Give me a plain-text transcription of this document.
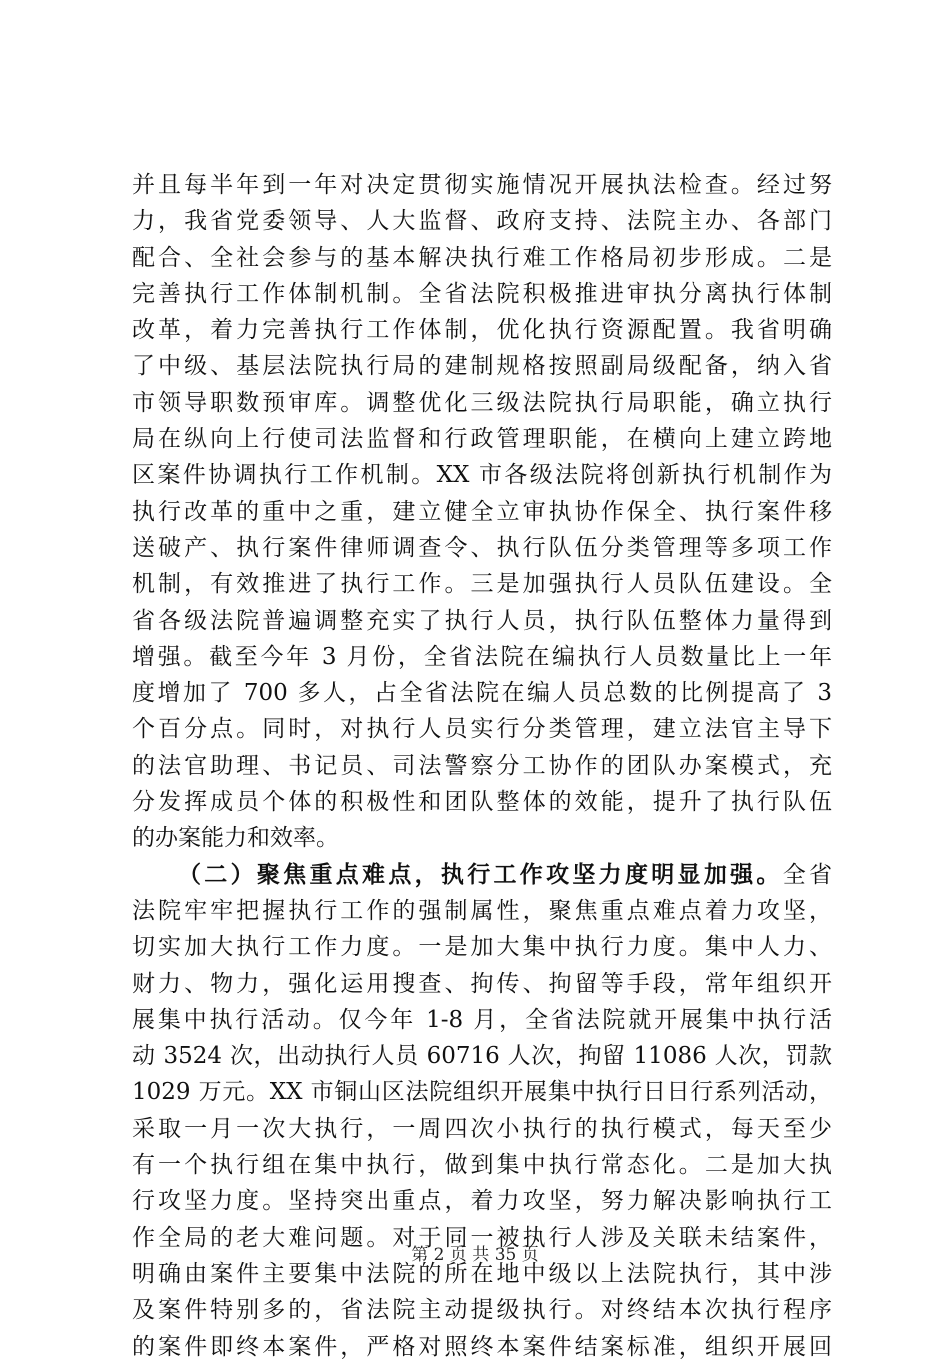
并且每半年到一年对决定贯彻实施情况开展执法检查。经过努
力，我省党委领导、人大监督、政府支持、法院主办、各部门
配合、全社会参与的基本解决执行难工作格局初步形成。二是
完善执行工作体制机制。全省法院积极推进审执分离执行体制
改革，着力完善执行工作体制，优化执行资源配置。我省明确
了中级、基层法院执行局的建制规格按照副局级配备，纳入省
市领导职数预审库。调整优化三级法院执行局职能，确立执行
局在纵向上行使司法监督和行政管理职能，在横向上建立跨地
区案件协调执行工作机制。XX 市各级法院将创新执行机制作为
执行改革的重中之重，建立健全立审执协作保全、执行案件移
送破产、执行案件律师调查令、执行队伍分类管理等多项工作
机制，有效推进了执行工作。三是加强执行人员队伍建设。全
省各级法院普遍调整充实了执行人员，执行队伍整体力量得到
增强。截至今年 3 月份，全省法院在编执行人员数量比上一年
度增加了 700 多人，占全省法院在编人员总数的比例提高了 3
个百分点。同时，对执行人员实行分类管理，建立法官主导下
的法官助理、书记员、司法警察分工协作的团队办案模式，充
分发挥成员个体的积极性和团队整体的效能，提升了执行队伍
的办案能力和效率。
（二）聚焦重点难点，执行工作攻坚力度明显加强。全省
法院牢牢把握执行工作的强制属性，聚焦重点难点着力攻坚，
切实加大执行工作力度。一是加大集中执行力度。集中人力、
财力、物力，强化运用搜查、拘传、拘留等手段，常年组织开
展集中执行活动。仅今年 1-8 月，全省法院就开展集中执行活
动 3524 次，出动执行人员 60716 人次，拘留 11086 人次，罚款
1029 万元。XX 市铜山区法院组织开展集中执行日日行系列活动，
采取一月一次大执行，一周四次小执行的执行模式，每天至少
有一个执行组在集中执行，做到集中执行常态化。二是加大执
行攻坚力度。坚持突出重点，着力攻坚，努力解决影响执行工
作全局的老大难问题。对于同一被执行人涉及关联未结案件，
明确由案件主要集中法院的所在地中级以上法院执行，其中涉
及案件特别多的，省法院主动提级执行。对终结本次执行程序
的案件即终本案件，严格对照终本案件结案标准，组织开展回
第 2 页 共 35 页
